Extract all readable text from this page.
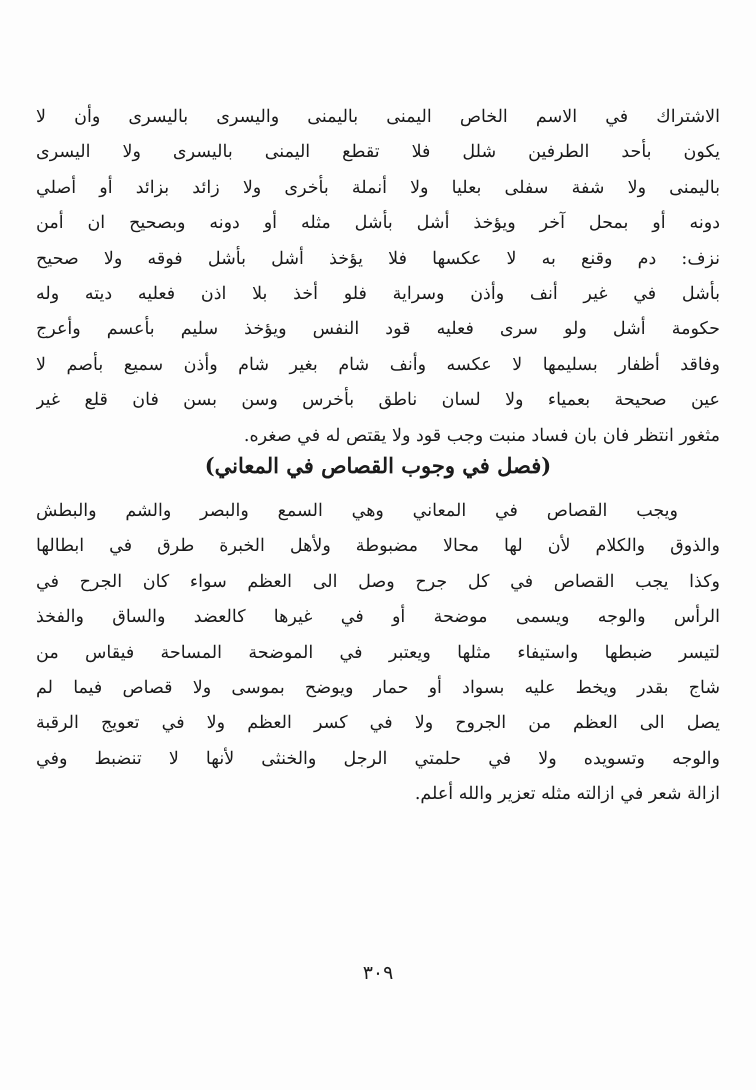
الاشتراك في الاسم الخاص اليمنى باليمنى واليسرى باليسرى وأن لا
يكون بأحد الطرفين شلل فلا تقطع اليمنى باليسرى ولا اليسرى
باليمنى ولا شفة سفلى بعليا ولا أنملة بأخرى ولا زائد بزائد أو أصلي
دونه أو بمحل آخر ويؤخذ أشل بأشل مثله أو دونه وبصحيح ان أمن
نزف: دم وقنع به لا عكسها فلا يؤخذ أشل بأشل فوقه ولا صحيح
بأشل في غير أنف وأذن وسراية فلو أخذ بلا اذن فعليه ديته وله
حكومة أشل ولو سرى فعليه قود النفس ويؤخذ سليم بأعسم وأعرج
وفاقد أظفار بسليمها لا عكسه وأنف شام بغير شام وأذن سميع بأصم لا
عين صحيحة بعمياء ولا لسان ناطق بأخرس وسن بسن فان قلع غير
مثغور انتظر فان بان فساد منبت وجب قود ولا يقتص له في صغره.
(فصل في وجوب القصاص في المعاني)
ويجب القصاص في المعاني وهي السمع والبصر والشم والبطش
والذوق والكلام لأن لها محالا مضبوطة ولأهل الخبرة طرق في ابطالها
وكذا يجب القصاص في كل جرح وصل الى العظم سواء كان الجرح في
الرأس والوجه ويسمى موضحة أو في غيرها كالعضد والساق والفخذ
لتيسر ضبطها واستيفاء مثلها ويعتبر في الموضحة المساحة فيقاس من
شاج بقدر ويخط عليه بسواد أو حمار ويوضح بموسى ولا قصاص فيما لم
يصل الى العظم من الجروح ولا في كسر العظم ولا في تعويج الرقبة
والوجه وتسويده ولا في حلمتي الرجل والخنثى لأنها لا تنضبط وفي
ازالة شعر في ازالته مثله تعزير والله أعلم.
٣٠٩
